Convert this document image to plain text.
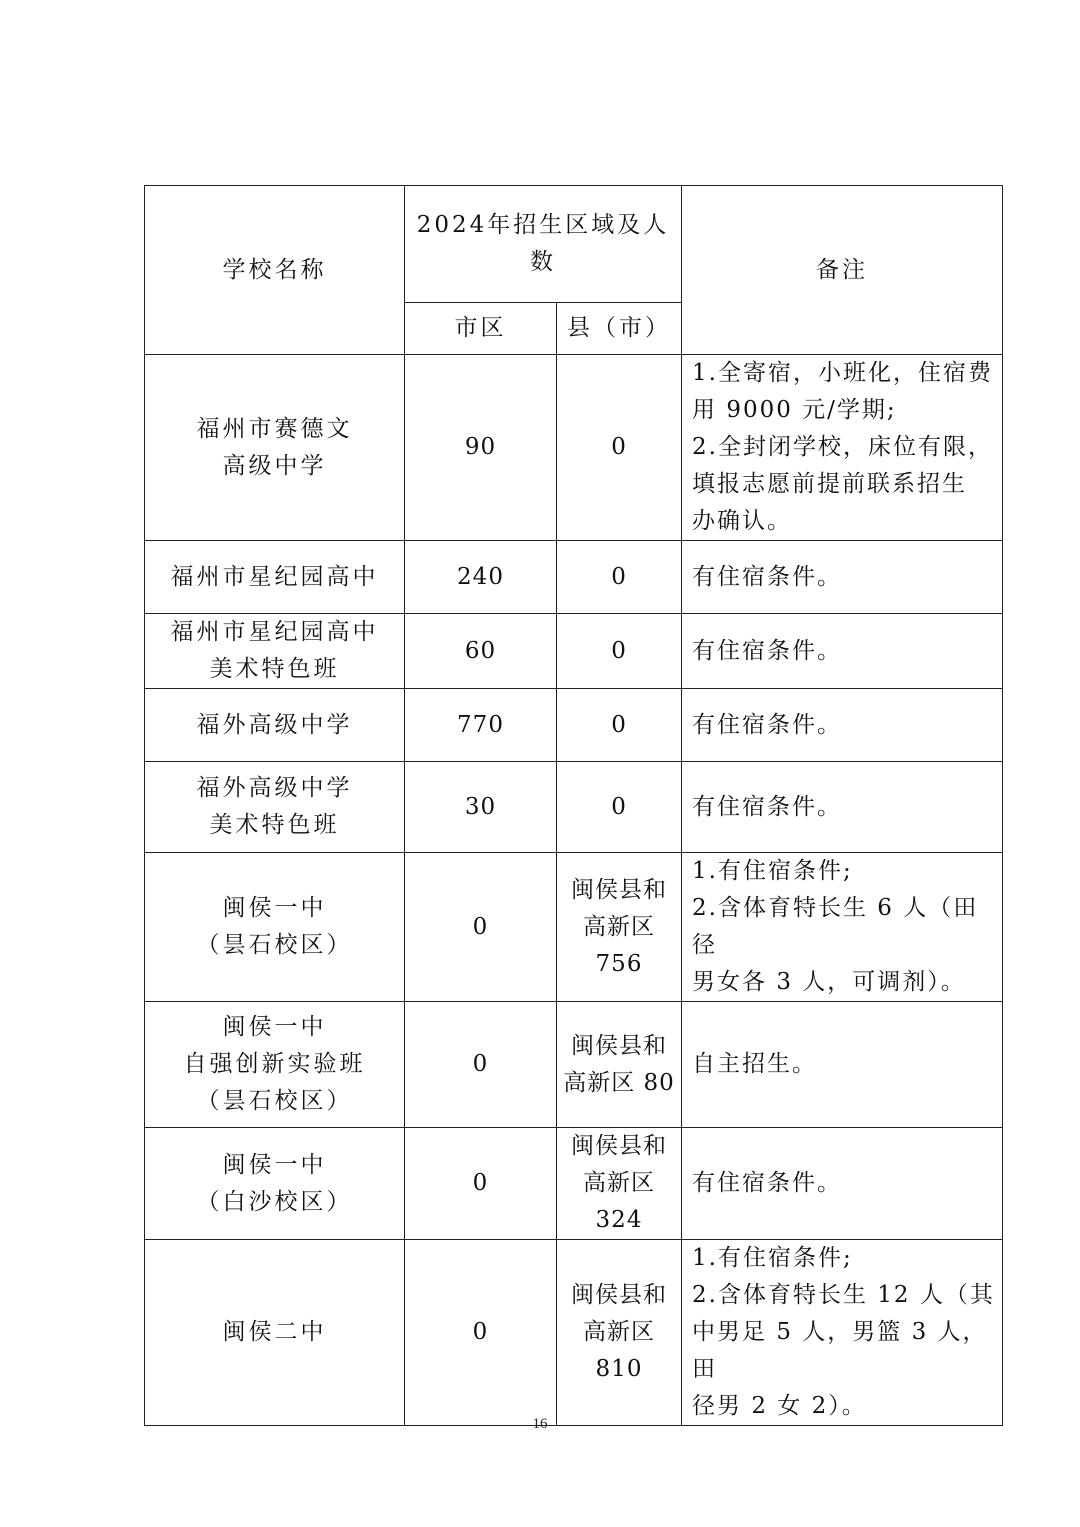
学校名称	2024年招生区域及人数		备注
	市区	县（市）	

福州市赛德文
高级中学	90	0	1.全寄宿，小班化，住宿费
用 9000 元/学期;
2.全封闭学校，床位有限，
填报志愿前提前联系招生
办确认。

福州市星纪园高中	240	0	有住宿条件。

福州市星纪园高中
美术特色班	60	0	有住宿条件。

福外高级中学	770	0	有住宿条件。

福外高级中学
美术特色班	30	0	有住宿条件。

闽侯一中
（昙石校区）	0	闽侯县和
高新区
756	1.有住宿条件;
2.含体育特长生 6 人（田径
男女各 3 人，可调剂）。

闽侯一中
自强创新实验班
（昙石校区）	0	闽侯县和
高新区 80	自主招生。

闽侯一中
（白沙校区）	0	闽侯县和
高新区
324	有住宿条件。

闽侯二中	0	闽侯县和
高新区
810	1.有住宿条件;
2.含体育特长生 12 人（其
中男足 5 人，男篮 3 人，田
径男 2 女 2）。
16
